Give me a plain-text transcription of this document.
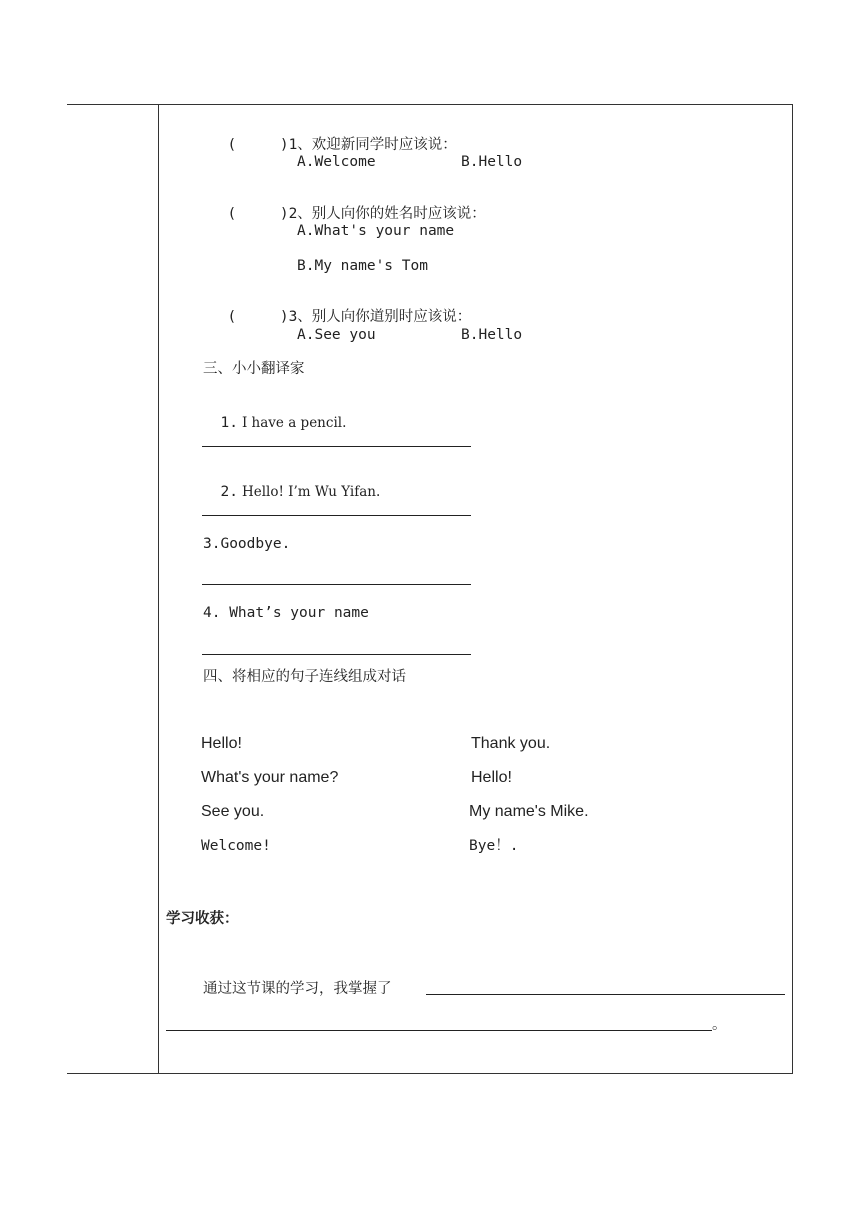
(     )1、欢迎新同学时应该说：

A.Welcome	B.Hello

(     )2、别人向你的姓名时应该说：

A.What's your name
B.My name's Tom

(     )3、别人向你道别时应该说：

A.See you	B.Hello
三、小小翻译家

1. I have a pencil.

2. Hello! I’m Wu Yifan.

3.Goodbye.
4. What’s your name
四、将相应的句子连线组成对话
Hello!
What's your name?
See you.
Welcome!
Thank you.
Hello!
My name's Mike.
Bye！.
学习收获：
通过这节课的学习，我掌握了
。
